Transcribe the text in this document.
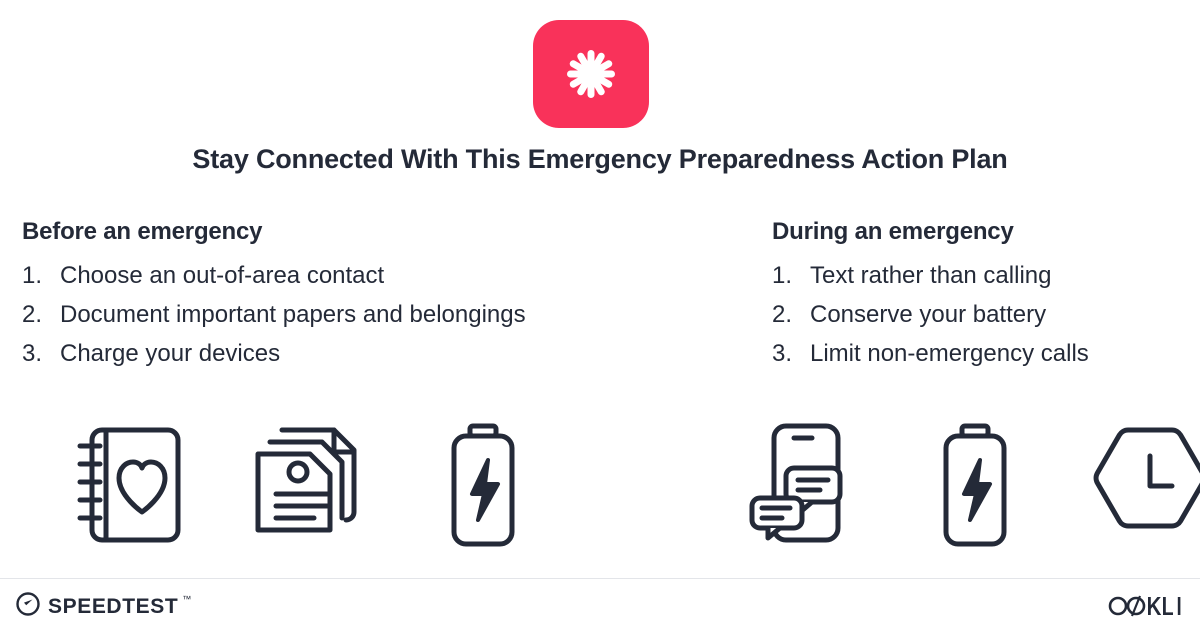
Stay Connected With This Emergency Preparedness Action Plan
Before an emergency
Choose an out-of-area contact
Document important papers and belongings
Charge your devices
During an emergency
Text rather than calling
Conserve your battery
Limit non-emergency calls
SPEEDTEST ™
